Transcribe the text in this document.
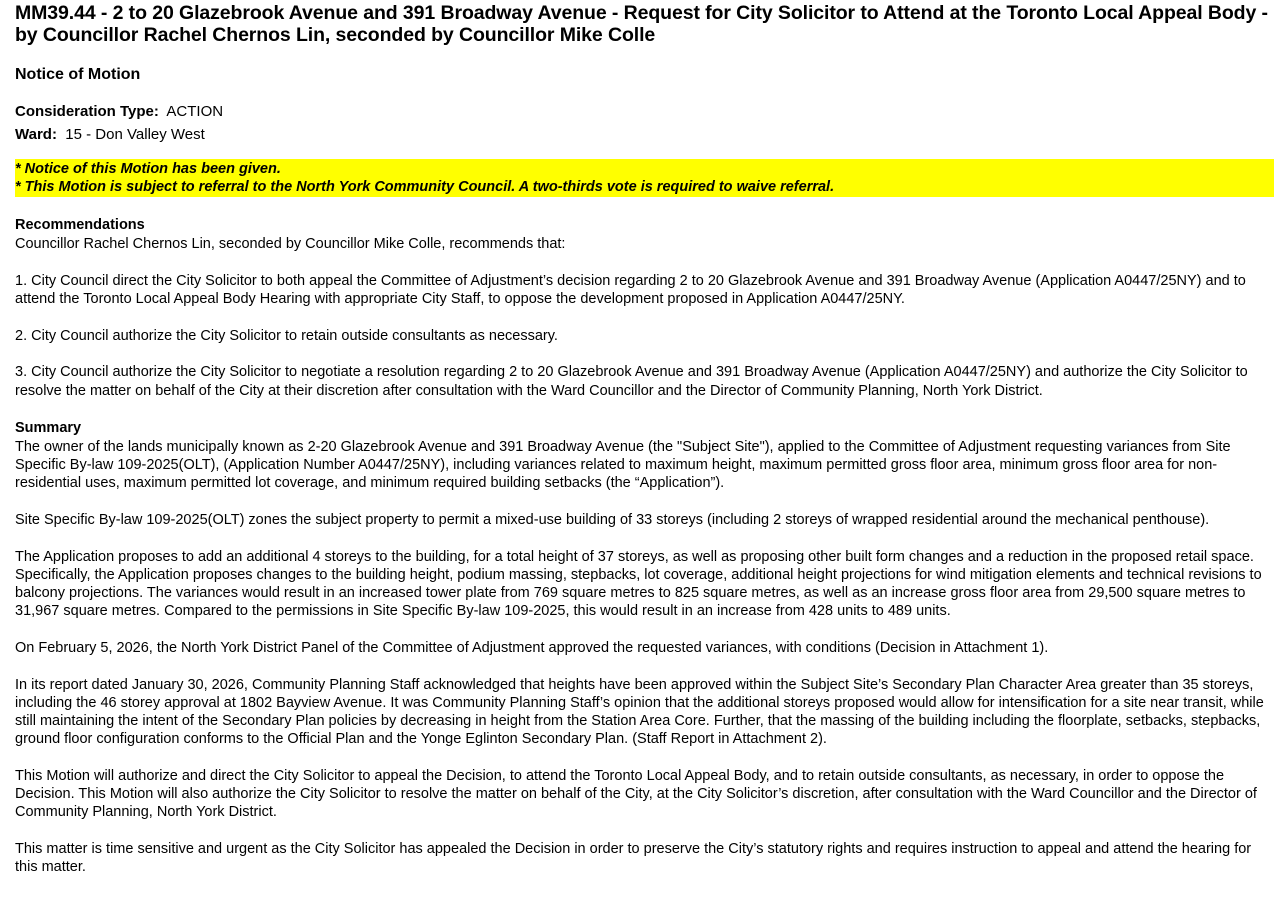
MM39.44 - 2 to 20 Glazebrook Avenue and 391 Broadway Avenue - Request for City Solicitor to Attend at the Toronto Local Appeal Body - by Councillor Rachel Chernos Lin, seconded by Councillor Mike Colle
Notice of Motion
Consideration Type: ACTION
Ward: 15 - Don Valley West
* Notice of this Motion has been given.
* This Motion is subject to referral to the North York Community Council. A two-thirds vote is required to waive referral.
Recommendations

Councillor Rachel Chernos Lin, seconded by Councillor Mike Colle, recommends that:

1. City Council direct the City Solicitor to both appeal the Committee of Adjustment’s decision regarding 2 to 20 Glazebrook Avenue and 391 Broadway Avenue (Application A0447/25NY) and to attend the Toronto Local Appeal Body Hearing with appropriate City Staff, to oppose the development proposed in Application A0447/25NY.

2. City Council authorize the City Solicitor to retain outside consultants as necessary.

3. City Council authorize the City Solicitor to negotiate a resolution regarding 2 to 20 Glazebrook Avenue and 391 Broadway Avenue (Application A0447/25NY) and authorize the City Solicitor to resolve the matter on behalf of the City at their discretion after consultation with the Ward Councillor and the Director of Community Planning, North York District.

Summary

The owner of the lands municipally known as 2-20 Glazebrook Avenue and 391 Broadway Avenue (the "Subject Site"), applied to the Committee of Adjustment requesting variances from Site Specific By-law 109-2025(OLT), (Application Number A0447/25NY), including variances related to maximum height, maximum permitted gross floor area, minimum gross floor area for non-residential uses, maximum permitted lot coverage, and minimum required building setbacks (the “Application”).

Site Specific By-law 109-2025(OLT) zones the subject property to permit a mixed-use building of 33 storeys (including 2 storeys of wrapped residential around the mechanical penthouse).

The Application proposes to add an additional 4 storeys to the building, for a total height of 37 storeys, as well as proposing other built form changes and a reduction in the proposed retail space. Specifically, the Application proposes changes to the building height, podium massing, stepbacks, lot coverage, additional height projections for wind mitigation elements and technical revisions to balcony projections. The variances would result in an increased tower plate from 769 square metres to 825 square metres, as well as an increase gross floor area from 29,500 square metres to 31,967 square metres. Compared to the permissions in Site Specific By-law 109-2025, this would result in an increase from 428 units to 489 units.

On February 5, 2026, the North York District Panel of the Committee of Adjustment approved the requested variances, with conditions (Decision in Attachment 1).

In its report dated January 30, 2026, Community Planning Staff acknowledged that heights have been approved within the Subject Site’s Secondary Plan Character Area greater than 35 storeys, including the 46 storey approval at 1802 Bayview Avenue. It was Community Planning Staff’s opinion that the additional storeys proposed would allow for intensification for a site near transit, while still maintaining the intent of the Secondary Plan policies by decreasing in height from the Station Area Core. Further, that the massing of the building including the floorplate, setbacks, stepbacks, ground floor configuration conforms to the Official Plan and the Yonge Eglinton Secondary Plan. (Staff Report in Attachment 2).

This Motion will authorize and direct the City Solicitor to appeal the Decision, to attend the Toronto Local Appeal Body, and to retain outside consultants, as necessary, in order to oppose the Decision. This Motion will also authorize the City Solicitor to resolve the matter on behalf of the City, at the City Solicitor’s discretion, after consultation with the Ward Councillor and the Director of Community Planning, North York District.

This matter is time sensitive and urgent as the City Solicitor has appealed the Decision in order to preserve the City’s statutory rights and requires instruction to appeal and attend the hearing for this matter.
